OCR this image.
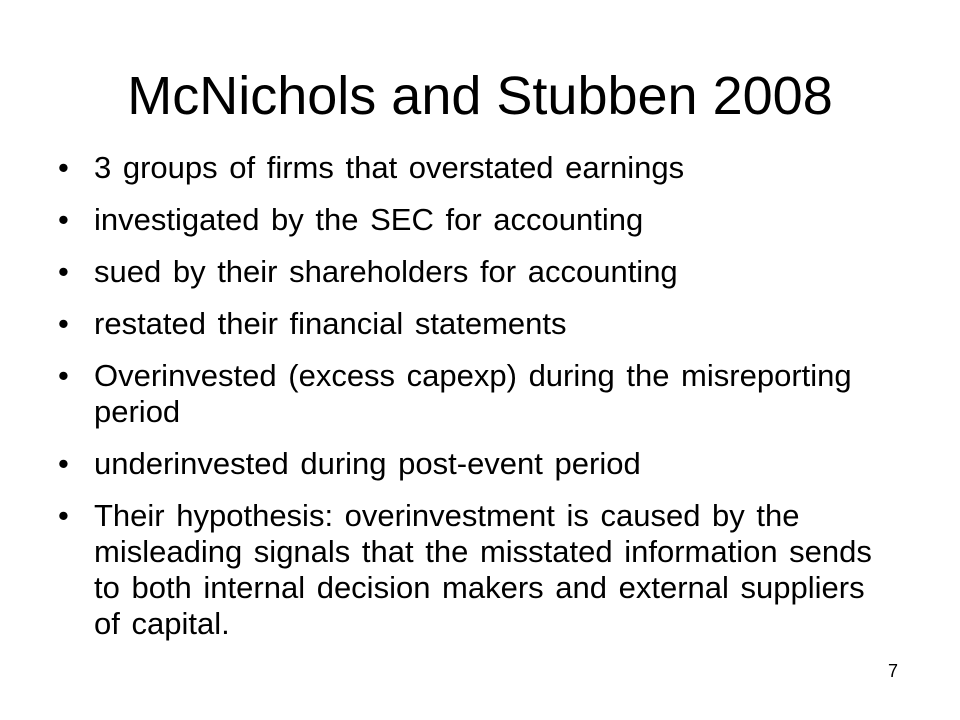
McNichols and Stubben 2008
• 3 groups of firms that overstated earnings
• investigated by the SEC for accounting
• sued by their shareholders for accounting
• restated their financial statements
• Overinvested (excess capexp) during the misreporting period
• underinvested during post-event period
• Their hypothesis: overinvestment is caused by the misleading signals that the misstated information sends to both internal decision makers and external suppliers of capital.
7
